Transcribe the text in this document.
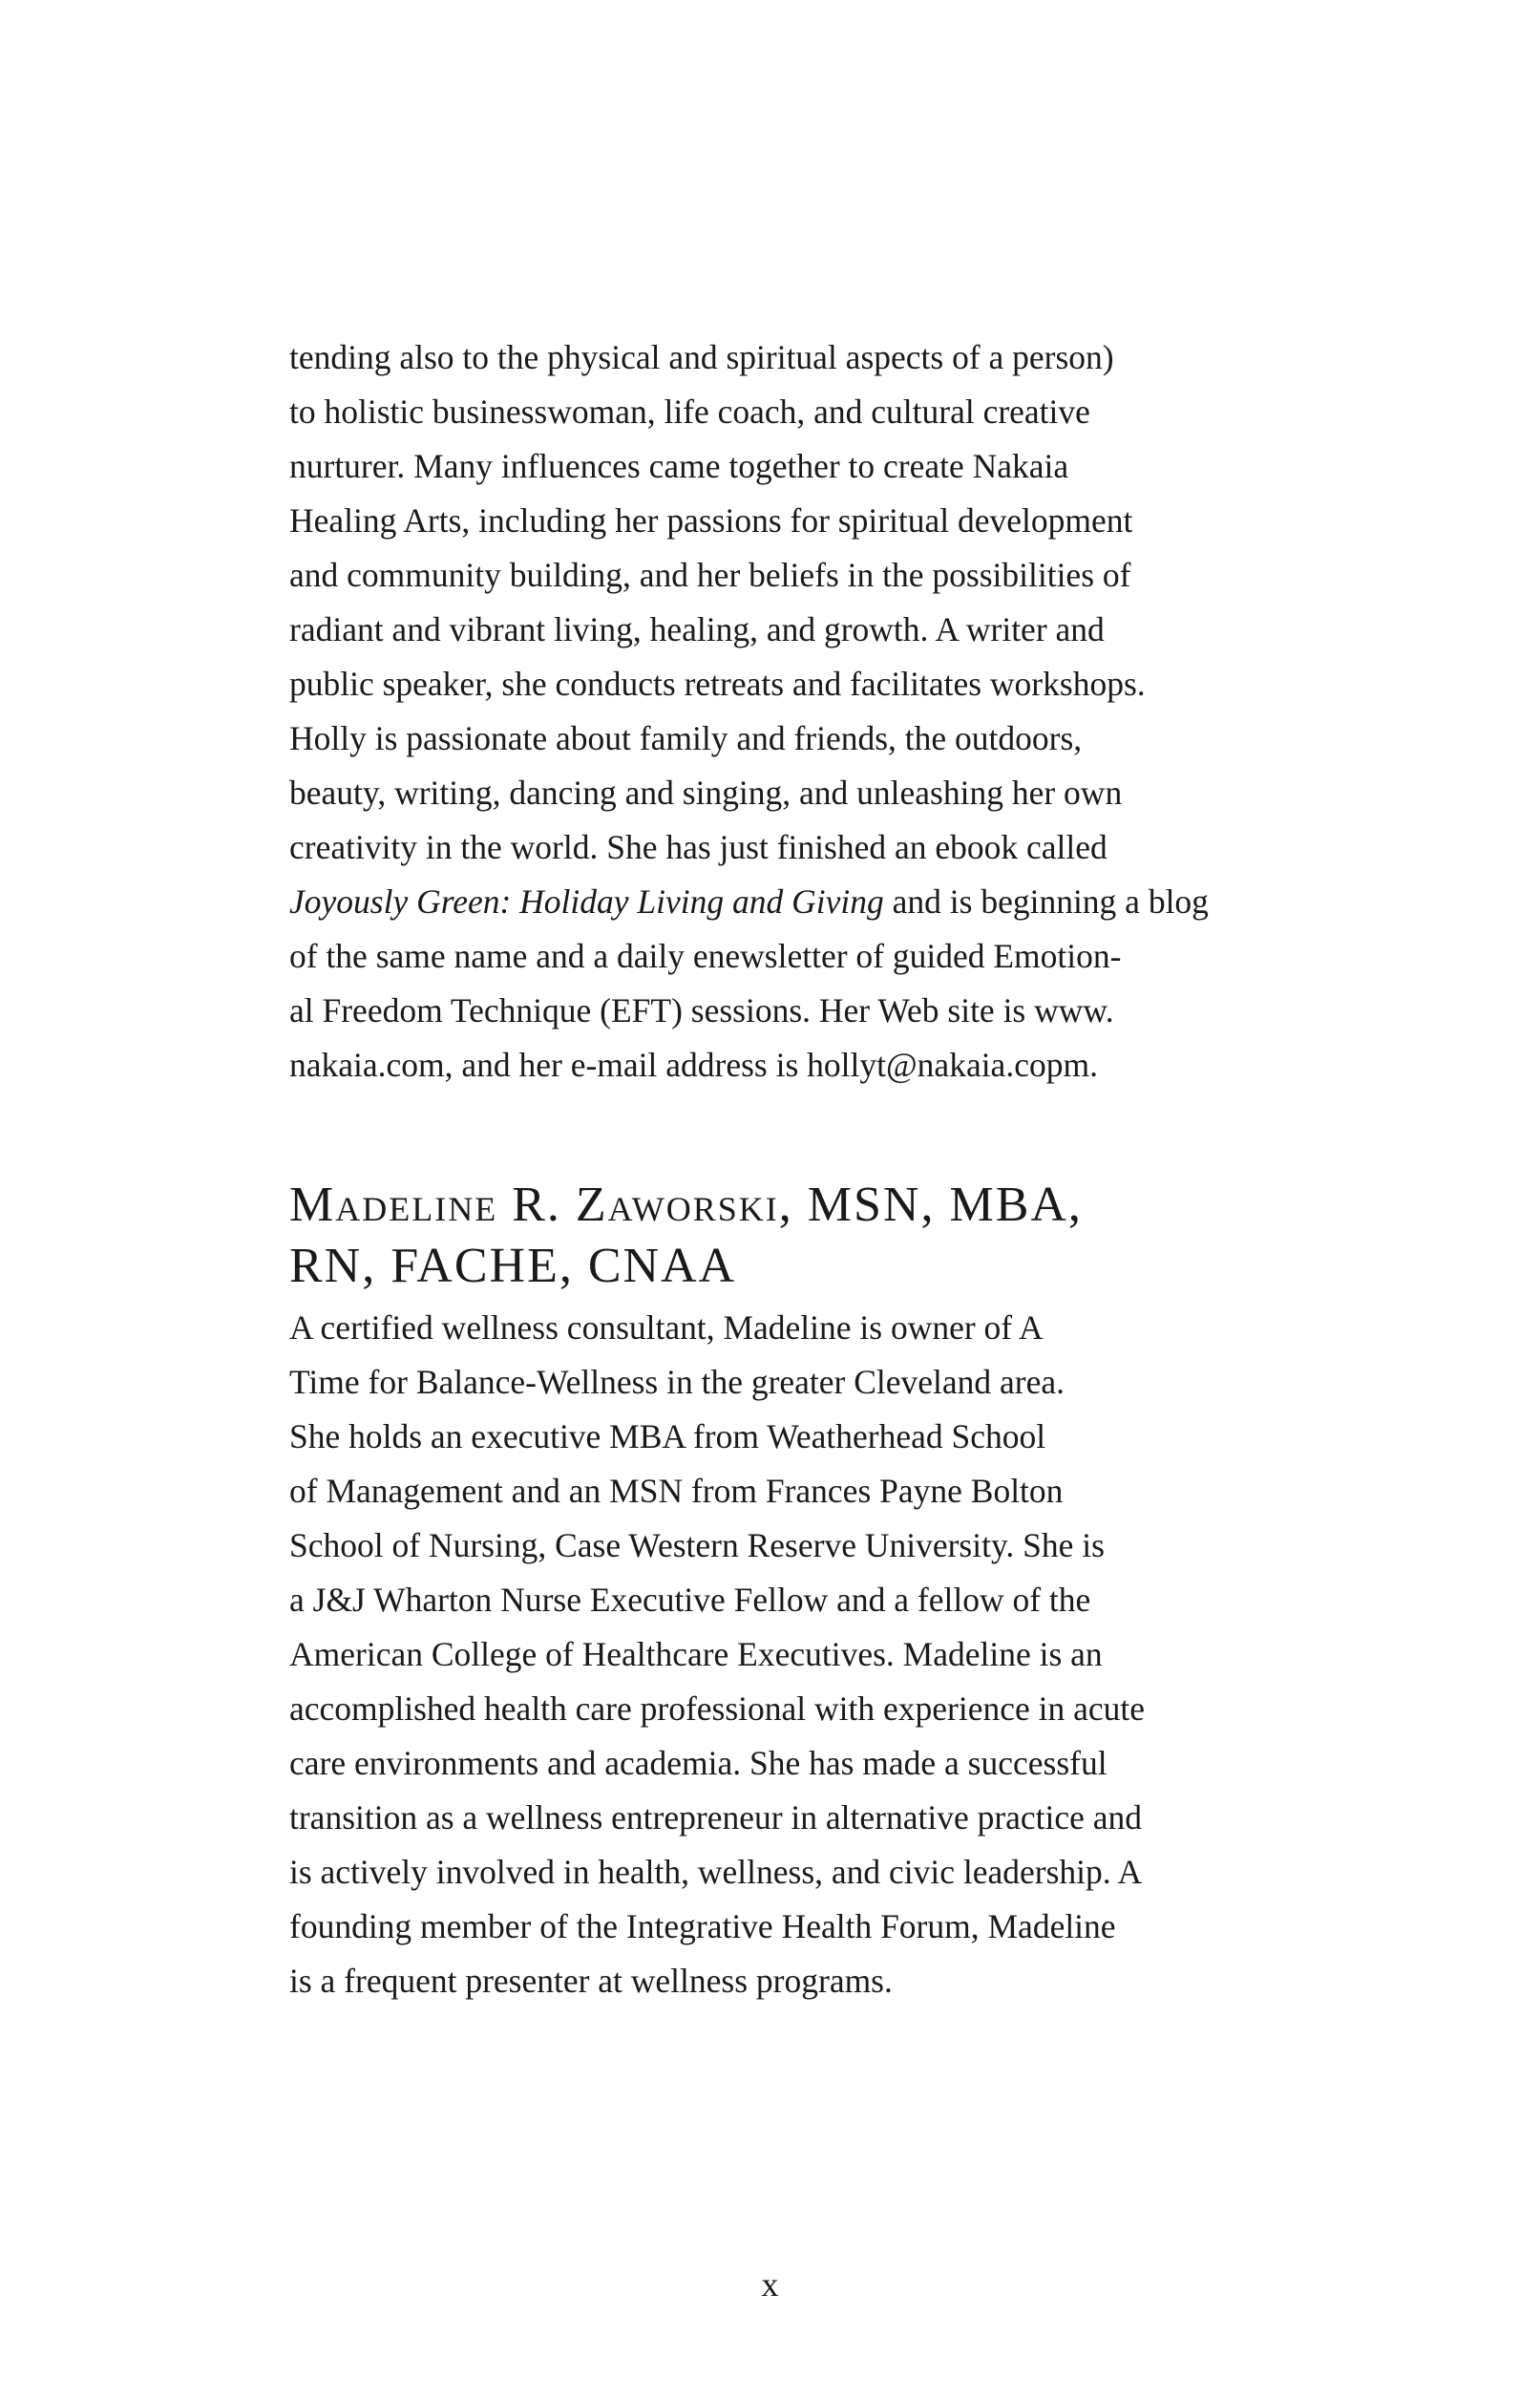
tending also to the physical and spiritual aspects of a person)
to holistic businesswoman, life coach, and cultural creative
nurturer. Many influences came together to create Nakaia
Healing Arts, including her passions for spiritual development
and community building, and her beliefs in the possibilities of
radiant and vibrant living, healing, and growth. A writer and
public speaker, she conducts retreats and facilitates workshops.
Holly is passionate about family and friends, the outdoors,
beauty, writing, dancing and singing, and unleashing her own
creativity in the world. She has just finished an ebook called
Joyously Green: Holiday Living and Giving and is beginning a blog
of the same name and a daily enewsletter of guided Emotion-
al Freedom Technique (EFT) sessions. Her Web site is www.
nakaia.com, and her e-mail address is hollyt@nakaia.copm.

Madeline R. Zaworski, MSN, MBA,
RN, FACHE, CNAA

A certified wellness consultant, Madeline is owner of A
Time for Balance-Wellness in the greater Cleveland area.
She holds an executive MBA from Weatherhead School
of Management and an MSN from Frances Payne Bolton
School of Nursing, Case Western Reserve University. She is
a J&J Wharton Nurse Executive Fellow and a fellow of the
American College of Healthcare Executives. Madeline is an
accomplished health care professional with experience in acute
care environments and academia. She has made a successful
transition as a wellness entrepreneur in alternative practice and
is actively involved in health, wellness, and civic leadership. A
founding member of the Integrative Health Forum, Madeline
is a frequent presenter at wellness programs.

x
